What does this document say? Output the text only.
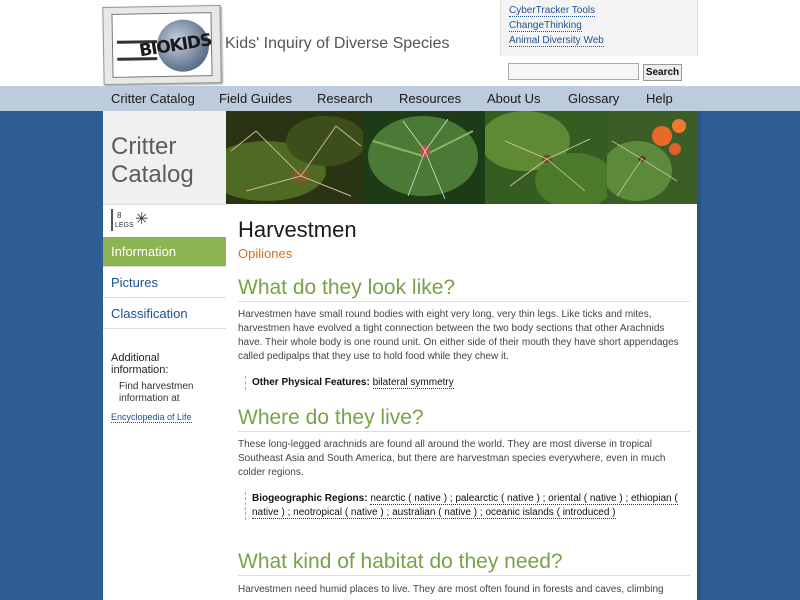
BIOKIDS Kids' Inquiry of Diverse Species
CyberTracker Tools
ChangeThinking
Animal Diversity Web
Search
Critter Catalog Field Guides Research Resources About Us Glossary Help
Critter
Catalog
8
LEGS ✳
Information
Pictures
Classification
Additional
information:
Find harvestmen information at
Encyclopedia of Life
Harvestmen
Opiliones
What do they look like?
Harvestmen have small round bodies with eight very long, very thin legs. Like ticks and mites, harvestmen have evolved a tight connection between the two body sections that other Arachnids have. Their whole body is one round unit. On either side of their mouth they have short appendages called pedipalps that they use to hold food while they chew it.
Other Physical Features: bilateral symmetry
Where do they live?
These long-legged arachnids are found all around the world. They are most diverse in tropical Southeast Asia and South America, but there are harvestman species everywhere, even in much colder regions.
Biogeographic Regions: nearctic ( native ) ; palearctic ( native ) ; oriental ( native ) ; ethiopian ( native ) ; neotropical ( native ) ; australian ( native ) ; oceanic islands ( introduced )
What kind of habitat do they need?
Harvestmen need humid places to live. They are most often found in forests and caves, climbing
